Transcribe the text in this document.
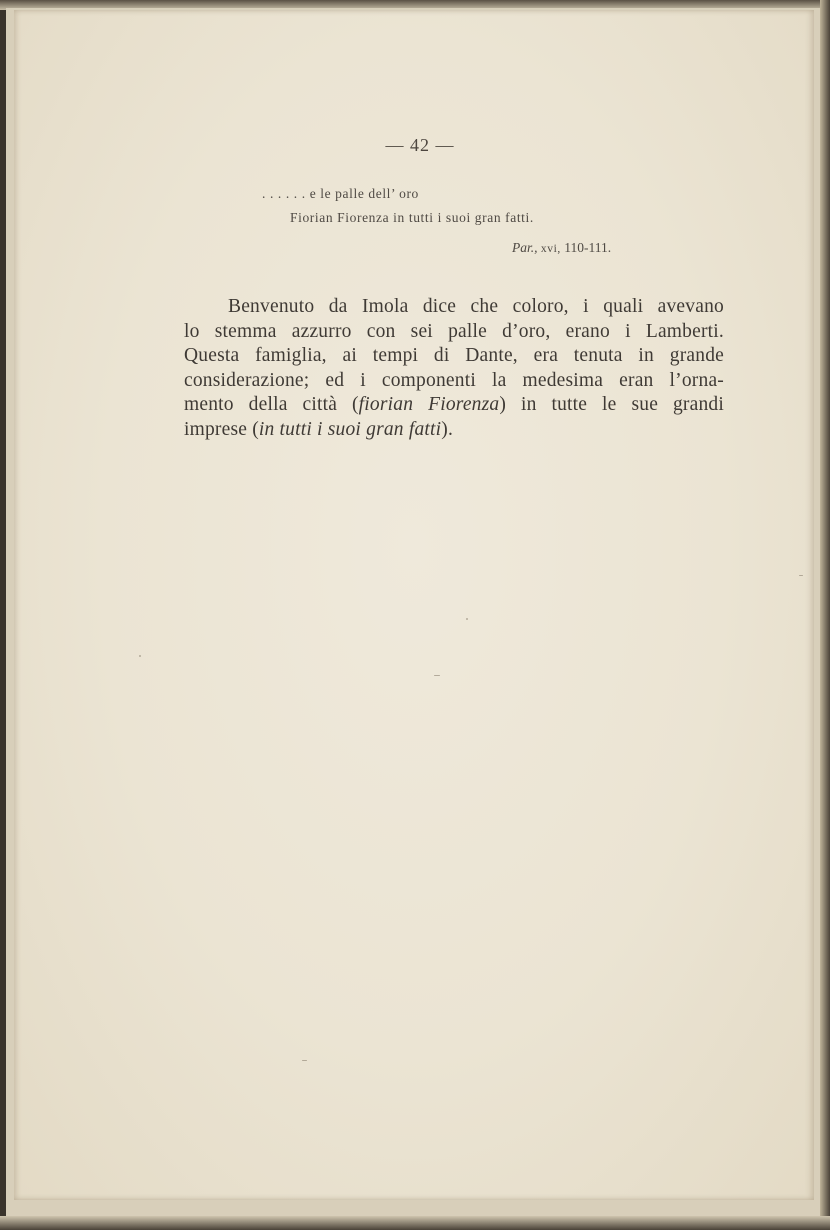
— 42 —
. . . . . . e le palle dell’ oro
Fiorian Fiorenza in tutti i suoi gran fatti.
Par., xvi, 110-111.
Benvenuto da Imola dice che coloro, i quali avevano
lo stemma azzurro con sei palle d’oro, erano i Lamberti.
Questa famiglia, ai tempi di Dante, era tenuta in grande
considerazione; ed i componenti la medesima eran l’orna-
mento della città (fiorian Fiorenza) in tutte le sue grandi
imprese (in tutti i suoi gran fatti).
